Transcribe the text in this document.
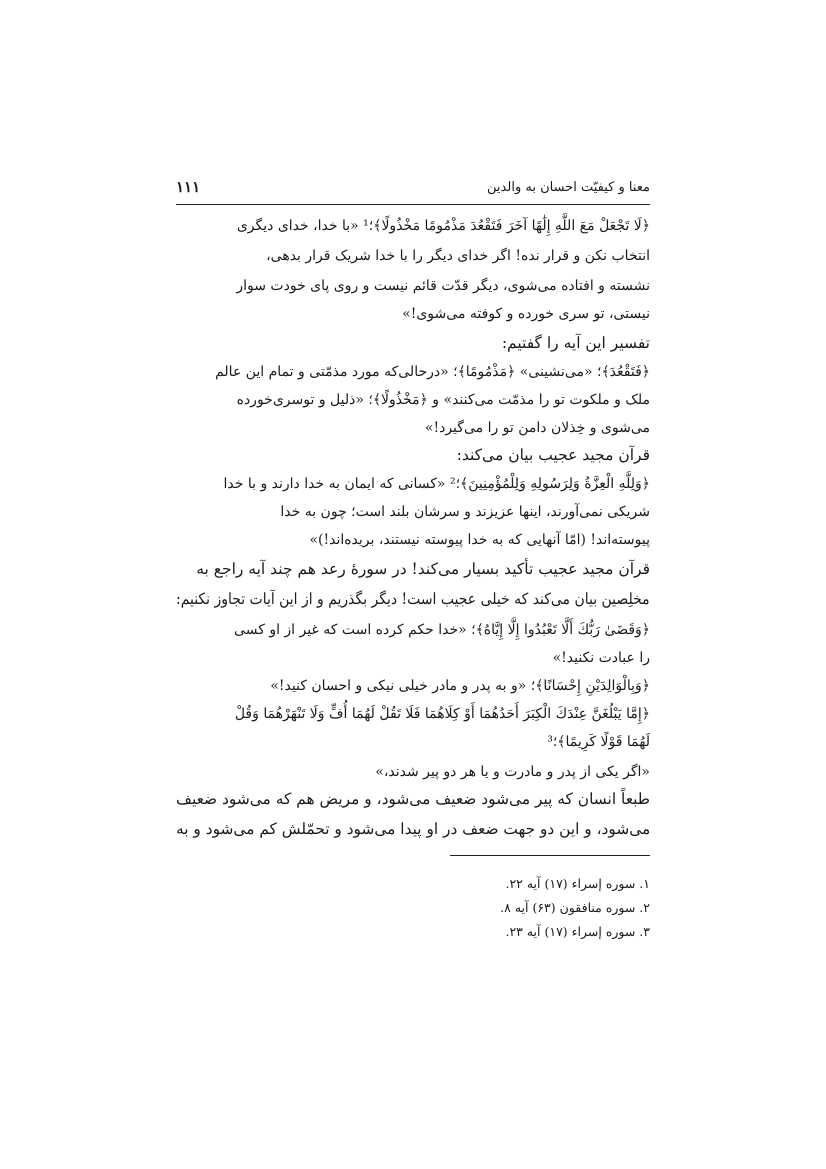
معنا و کیفیّت احسان به والدین
۱۱۱
﴿لَا تَجْعَلْ مَعَ اللَّهِ إِلَٰهًا آخَرَ فَتَقْعُدَ مَذْمُومًا مَخْذُولًا﴾؛¹ «با خدا، خدای دیگری
انتخاب نکن و قرار نده! اگر خدای دیگر را با خدا شریک قرار بدهی،
نشسته و افتاده می‌شوی، دیگر قدّت قائم نیست و روی پای خودت سوار
نیستی، تو سری خورده و کوفته می‌شوی!»
تفسیر این آیه را گفتیم:
﴿فَتَقْعُدَ﴾؛ «می‌نشینی» ﴿مَذْمُومًا﴾؛ «درحالی‌که مورد مذمّتی و تمام این عالم
ملک و ملکوت تو را مذمّت می‌کنند» و ﴿مَخْذُولًا﴾؛ «ذلیل و توسری‌خورده
می‌شوی و خِذلان دامن تو را می‌گیرد!»
قرآن مجید عجیب بیان می‌کند:
﴿وَلِلَّهِ الْعِزَّةُ وَلِرَسُولِهِ وَلِلْمُؤْمِنِينَ﴾؛² «کسانی که ایمان به خدا دارند و با خدا
شریکی نمی‌آورند، اینها عزیزند و سرشان بلند است؛ چون به خدا
پیوسته‌اند! (امّا آنهایی که به خدا پیوسته نیستند، بریده‌اند!)»
قرآن مجید عجیب تأکید بسیار می‌کند! در سورهٔ رعد هم چند آیه راجع به
مخلِصین بیان می‌کند که خیلی عجیب است! دیگر بگذریم و از این آیات تجاوز نکنیم:
﴿وَقَضَىٰ رَبُّكَ أَلَّا تَعْبُدُوا إِلَّا إِيَّاهُ﴾؛ «خدا حکم کرده است که غیر از او کسی
را عبادت نکنید!»
﴿وَبِالْوَالِدَيْنِ إِحْسَانًا﴾؛ «و به پدر و مادر خیلی نیکی و احسان کنید!»
﴿إِمَّا يَبْلُغَنَّ عِنْدَكَ الْكِبَرَ أَحَدُهُمَا أَوْ كِلَاهُمَا فَلَا تَقُلْ لَهُمَا أُفٍّ وَلَا تَنْهَرْهُمَا وَقُلْ
لَهُمَا قَوْلًا كَرِيمًا﴾؛³
«اگر یکی از پدر و مادرت و یا هر دو پیر شدند،»
طبعاً انسان که پیر می‌شود ضعیف می‌شود، و مریض هم که می‌شود ضعیف
می‌شود، و این دو جهت ضعف در او پیدا می‌شود و تحمّلش کم می‌شود و به
۱. سوره إسراء (۱۷) آیه ۲۲.
۲. سوره منافقون (۶۳) آیه ۸.
۳. سوره إسراء (۱۷) آیه ۲۳.
